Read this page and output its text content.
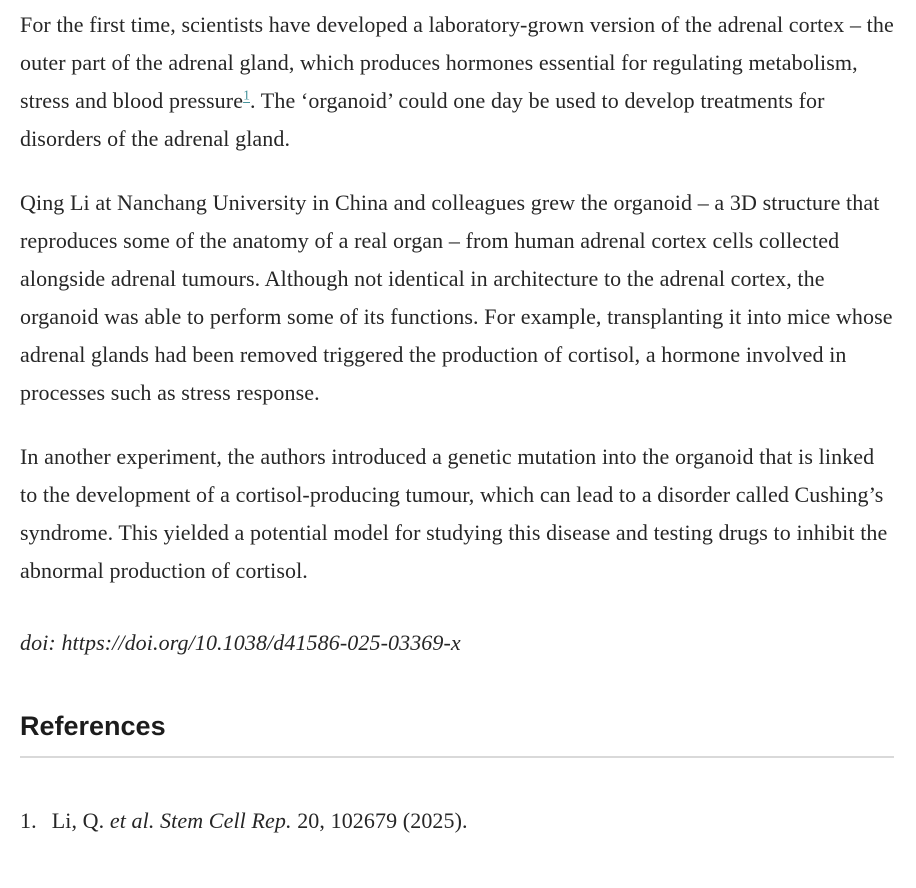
For the first time, scientists have developed a laboratory-grown version of the adrenal cortex – the outer part of the adrenal gland, which produces hormones essential for regulating metabolism, stress and blood pressure$^1$. The ‘organoid’ could one day be used to develop treatments for disorders of the adrenal gland.

Qing Li at Nanchang University in China and colleagues grew the organoid – a 3D structure that reproduces some of the anatomy of a real organ – from human adrenal cortex cells collected alongside adrenal tumours. Although not identical in architecture to the adrenal cortex, the organoid was able to perform some of its functions. For example, transplanting it into mice whose adrenal glands had been removed triggered the production of cortisol, a hormone involved in processes such as stress response.

In another experiment, the authors introduced a genetic mutation into the organoid that is linked to the development of a cortisol-producing tumour, which can lead to a disorder called Cushing’s syndrome. This yielded a potential model for studying this disease and testing drugs to inhibit the abnormal production of cortisol.

doi: https://doi.org/10.1038/d41586-025-03369-x

References
1. Li, Q. et al. Stem Cell Rep. 20, 102679 (2025).
